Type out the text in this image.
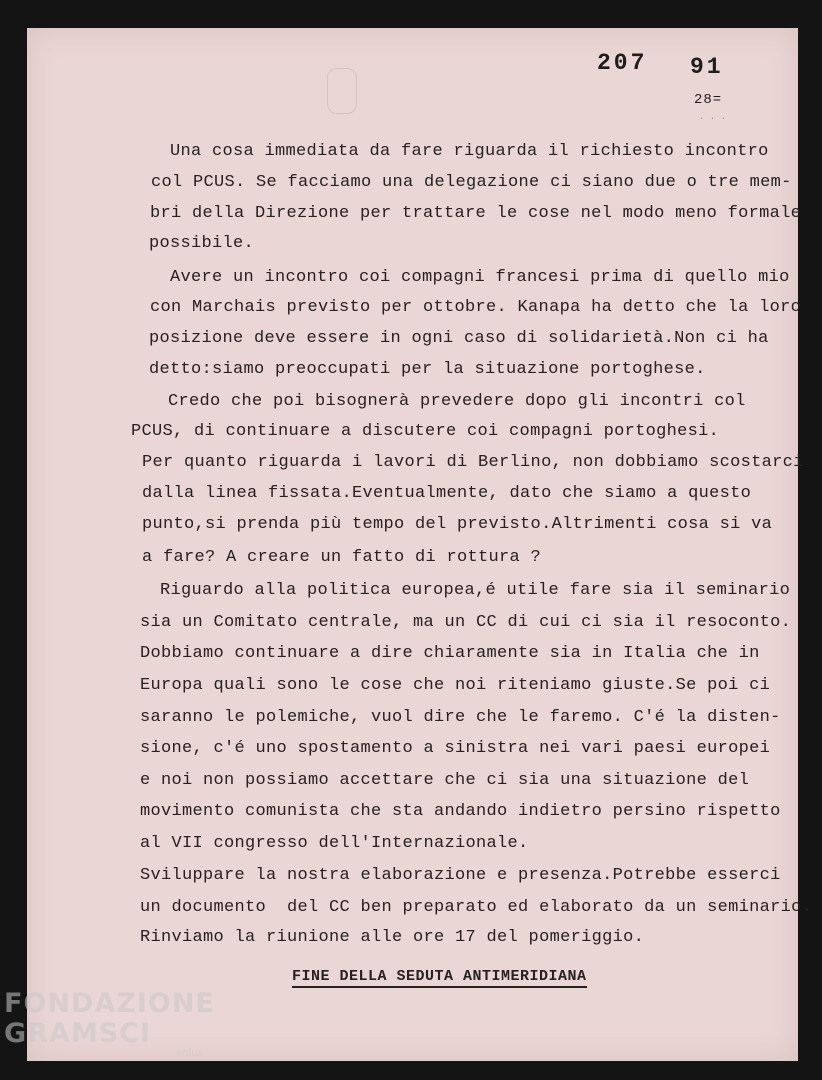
207 91
28=
. . .
Una cosa immediata da fare riguarda il richiesto incontro
col PCUS. Se facciamo una delegazione ci siano due o tre mem-
bri della Direzione per trattare le cose nel modo meno formale
possibile.
Avere un incontro coi compagni francesi prima di quello mio
con Marchais previsto per ottobre. Kanapa ha detto che la loro
posizione deve essere in ogni caso di solidarietà.Non ci ha
detto:siamo preoccupati per la situazione portoghese.
Credo che poi bisognerà prevedere dopo gli incontri col
PCUS, di continuare a discutere coi compagni portoghesi.
Per quanto riguarda i lavori di Berlino, non dobbiamo scostarci
dalla linea fissata.Eventualmente, dato che siamo a questo
punto,si prenda più tempo del previsto.Altrimenti cosa si va
a fare? A creare un fatto di rottura ?
Riguardo alla politica europea,é utile fare sia il seminario
sia un Comitato centrale, ma un CC di cui ci sia il resoconto.
Dobbiamo continuare a dire chiaramente sia in Italia che in
Europa quali sono le cose che noi riteniamo giuste.Se poi ci
saranno le polemiche, vuol dire che le faremo. C'é la disten-
sione, c'é uno spostamento a sinistra nei vari paesi europei
e noi non possiamo accettare che ci sia una situazione del
movimento comunista che sta andando indietro persino rispetto
al VII congresso dell'Internazionale.
Sviluppare la nostra elaborazione e presenza.Potrebbe esserci
un documento  del CC ben preparato ed elaborato da un seminario.
Rinviamo la riunione alle ore 17 del pomeriggio.
FINE DELLA SEDUTA ANTIMERIDIANA
FONDAZIONE
GRAMSCI
onlus
